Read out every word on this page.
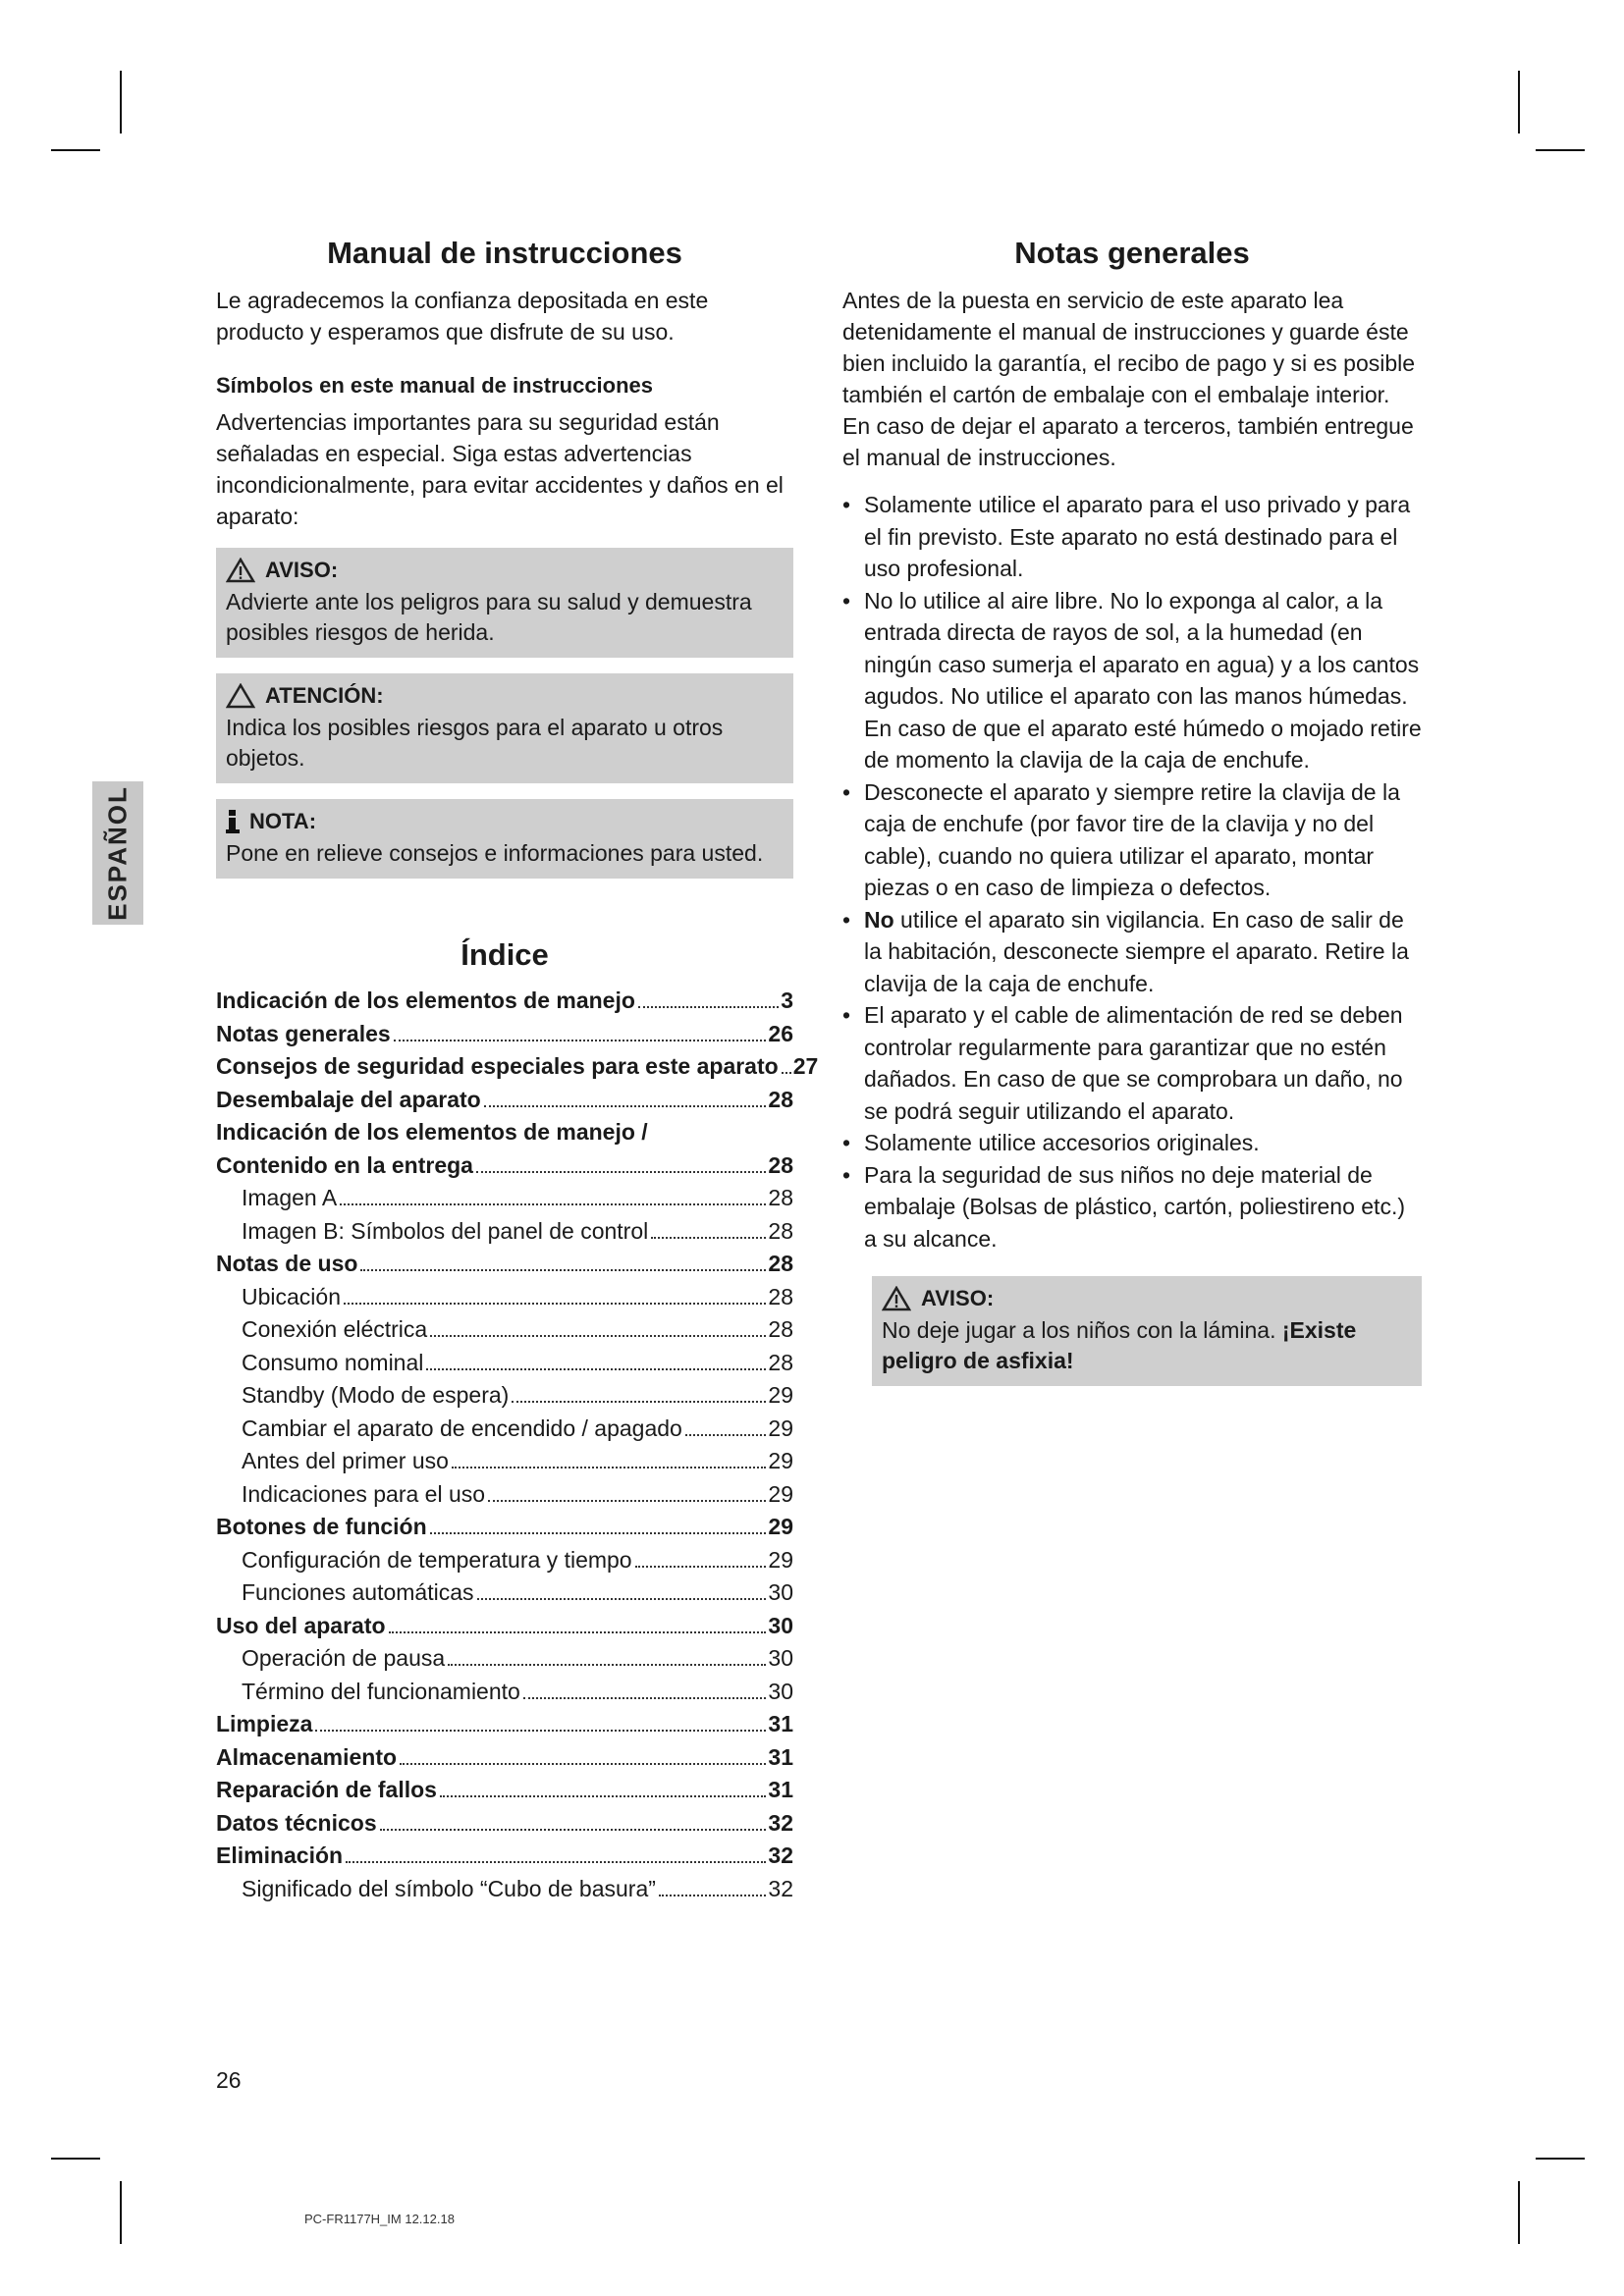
ESPAÑOL
Manual de instrucciones

Le agradecemos la confianza depositada en este producto y esperamos que disfrute de su uso.

Símbolos en este manual de instrucciones

Advertencias importantes para su seguridad están señaladas en especial. Siga estas advertencias incondicionalmente, para evitar accidentes y daños en el aparato:

AVISO:
Advierte ante los peligros para su salud y demuestra posibles riesgos de herida.
ATENCIÓN:
Indica los posibles riesgos para el aparato u otros objetos.
NOTA:
Pone en relieve consejos e informaciones para usted.
Índice
Indicación de los elementos de manejo	3
Notas generales	26
Consejos de seguridad especiales para este aparato 27
Desembalaje del aparato	28
Indicación de los elementos de manejo /
Contenido en la entrega	28
Imagen A	28
Imagen B: Símbolos del panel de control	28
Notas de uso	28
Ubicación	28
Conexión eléctrica	28
Consumo nominal	28
Standby (Modo de espera)	29
Cambiar el aparato de encendido / apagado	29
Antes del primer uso	29
Indicaciones para el uso	29
Botones de función	29
Configuración de temperatura y tiempo	29
Funciones automáticas	30
Uso del aparato	30
Operación de pausa	30
Término del funcionamiento	30
Limpieza	31
Almacenamiento	31
Reparación de fallos	31
Datos técnicos	32
Eliminación	32
Significado del símbolo “Cubo de basura”	32
Notas generales

Antes de la puesta en servicio de este aparato lea detenidamente el manual de instrucciones y guarde éste bien incluido la garantía, el recibo de pago y si es posible también el cartón de embalaje con el embalaje interior. En caso de dejar el aparato a terceros, también entregue el manual de instrucciones.

• Solamente utilice el aparato para el uso privado y para el fin previsto. Este aparato no está destinado para el uso profesional.
• No lo utilice al aire libre. No lo exponga al calor, a la entrada directa de rayos de sol, a la humedad (en ningún caso sumerja el aparato en agua) y a los cantos agudos. No utilice el aparato con las manos húmedas. En caso de que el aparato esté húmedo o mojado retire de momento la clavija de la caja de enchufe.
• Desconecte el aparato y siempre retire la clavija de la caja de enchufe (por favor tire de la clavija y no del cable), cuando no quiera utilizar el aparato, montar piezas o en caso de limpieza o defectos.
• No utilice el aparato sin vigilancia. En caso de salir de la habitación, desconecte siempre el aparato. Retire la clavija de la caja de enchufe.
• El aparato y el cable de alimentación de red se deben controlar regularmente para garantizar que no estén dañados. En caso de que se comprobara un daño, no se podrá seguir utilizando el aparato.
• Solamente utilice accesorios originales.
• Para la seguridad de sus niños no deje material de embalaje (Bolsas de plástico, cartón, poliestireno etc.) a su alcance.
AVISO:
No deje jugar a los niños con la lámina. ¡Existe peligro de asfixia!
26
PC-FR1177H_IM 12.12.18
